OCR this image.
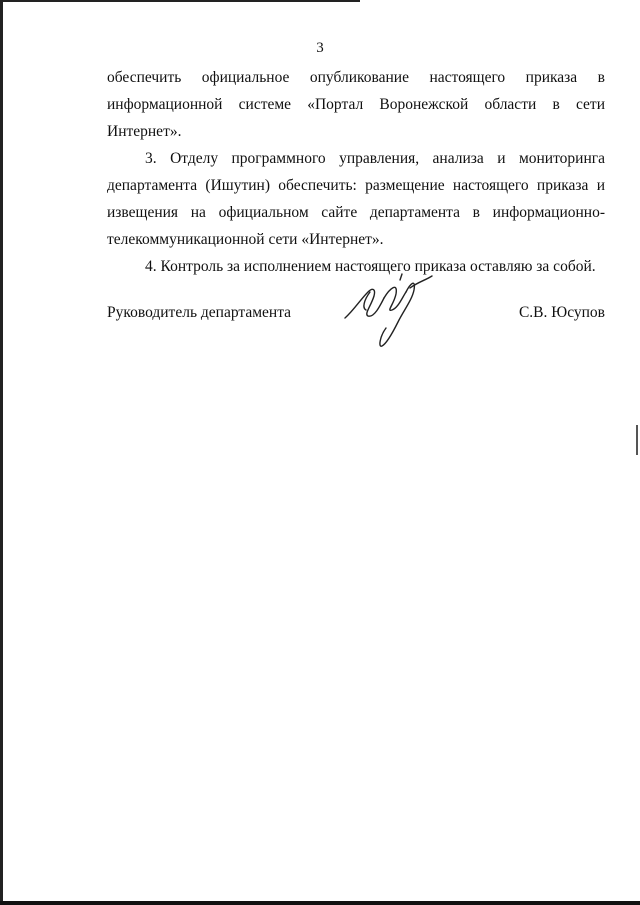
3
обеспечить официальное опубликование настоящего приказа в
информационной системе «Портал Воронежской области в сети Интернет».
3. Отделу программного управления, анализа и мониторинга
департамента (Ишутин) обеспечить: размещение настоящего приказа и извещения на официальном сайте департамента в информационно-телекоммуникационной сети «Интернет».
4. Контроль за исполнением настоящего приказа оставляю за собой.
Руководитель департамента	С.В. Юсупов
